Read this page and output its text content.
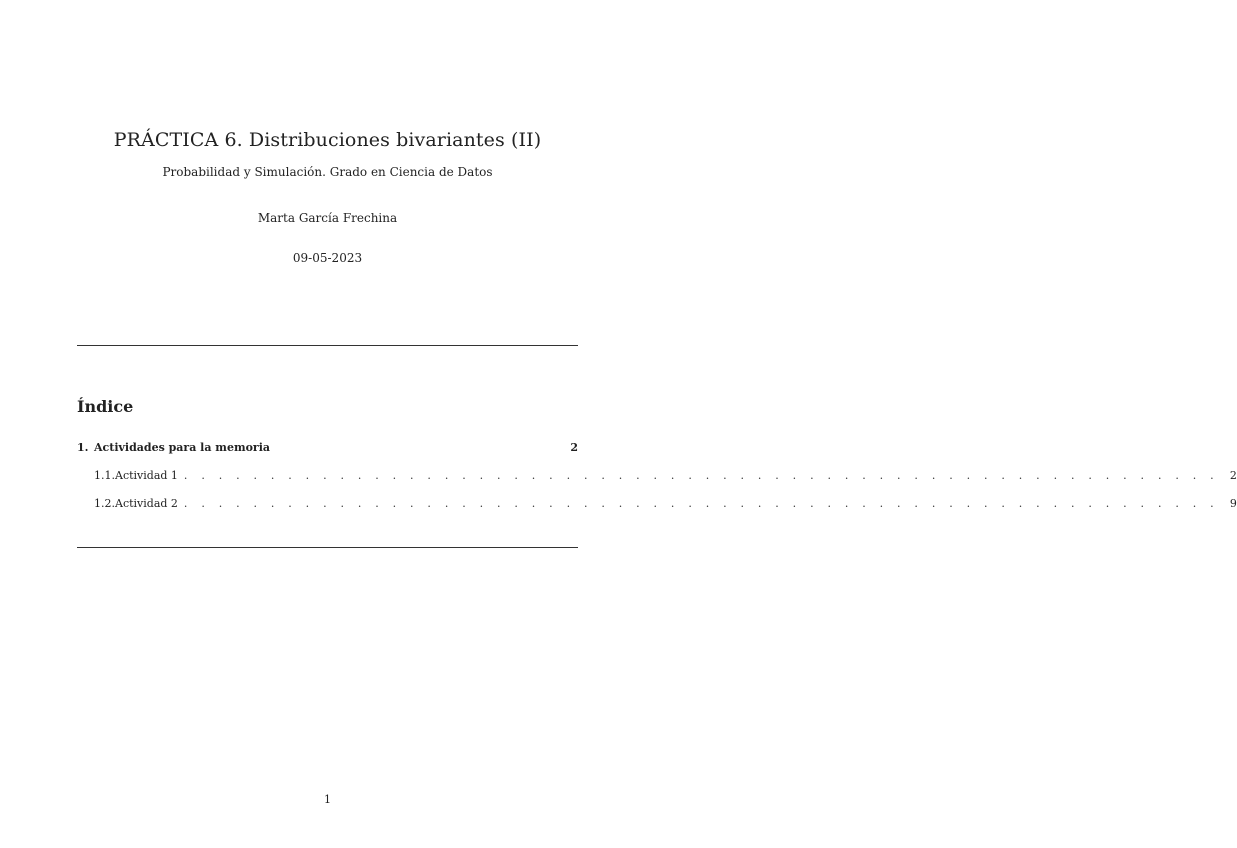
PRÁCTICA 6. Distribuciones bivariantes (II)
Probabilidad y Simulación. Grado en Ciencia de Datos
Marta García Frechina
09-05-2023
Índice
1. Actividades para la memoria	2
1.1. Actividad 1 . . . . . . . . . . . . . . . . . . . . . . . . . . . . . . . . . . . . . . . . . . . . . . . . . . . . . . . . . . . . 2
1.2. Actividad 2 . . . . . . . . . . . . . . . . . . . . . . . . . . . . . . . . . . . . . . . . . . . . . . . . . . . . . . . . . . . . 9
1
